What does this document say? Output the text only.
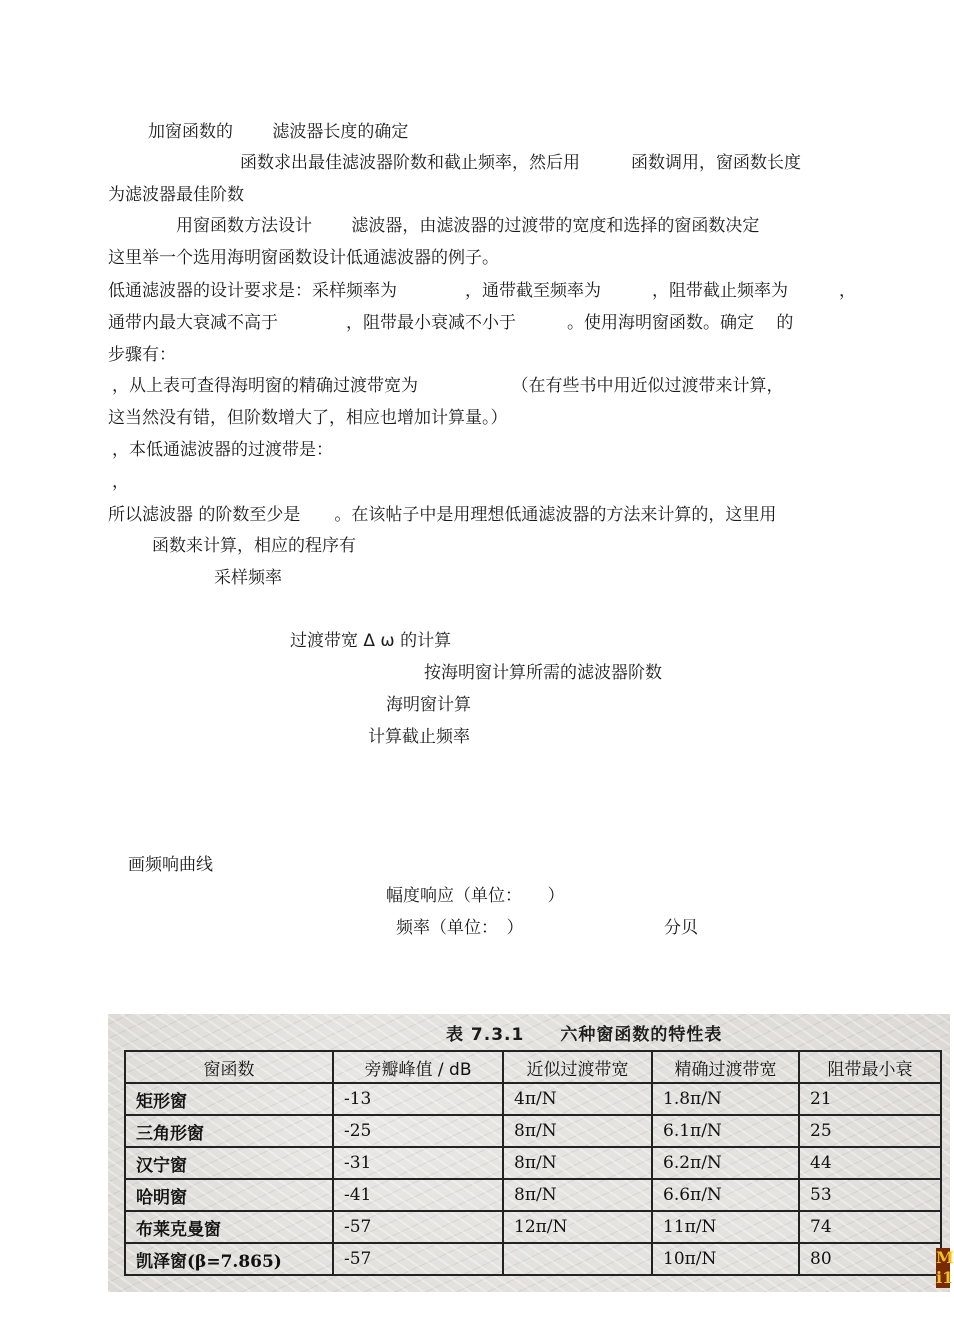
加窗函数的　　 滤波器长度的确定
函数求出最佳滤波器阶数和截止频率，然后用　　　函数调用，窗函数长度
为滤波器最佳阶数
用窗函数方法设计　　 滤波器，由滤波器的过渡带的宽度和选择的窗函数决定
这里举一个选用海明窗函数设计低通滤波器的例子。
低通滤波器的设计要求是：采样频率为　　　　，通带截至频率为　　　，阻带截止频率为　　　，
通带内最大衰减不高于　　　　，阻带最小衰减不小于　　　。使用海明窗函数。确定　 的
步骤有：
，从上表可查得海明窗的精确过渡带宽为　　　　　　（在有些书中用近似过渡带来计算，
这当然没有错，但阶数增大了，相应也增加计算量。）
，本低通滤波器的过渡带是：
，
所以滤波器 的阶数至少是　　。在该帖子中是用理想低通滤波器的方法来计算的，这里用
函数来计算，相应的程序有
采样频率
过渡带宽 Δ ω 的计算
按海明窗计算所需的滤波器阶数
海明窗计算
计算截止频率
画频响曲线
幅度响应（单位：　　）
频率（单位：　）	分贝
表 7.3.1　　六种窗函数的特性表
窗函数	旁瓣峰值 / dB	近似过渡带宽	精确过渡带宽	阻带最小衰
矩形窗	-13	4π/N	1.8π/N	21
三角形窗	-25	8π/N	6.1π/N	25
汉宁窗	-31	8π/N	6.2π/N	44
哈明窗	-41	8π/N	6.6π/N	53
布莱克曼窗	-57	12π/N	11π/N	74
凯泽窗(β=7.865)	-57		10π/N	80	M i1
